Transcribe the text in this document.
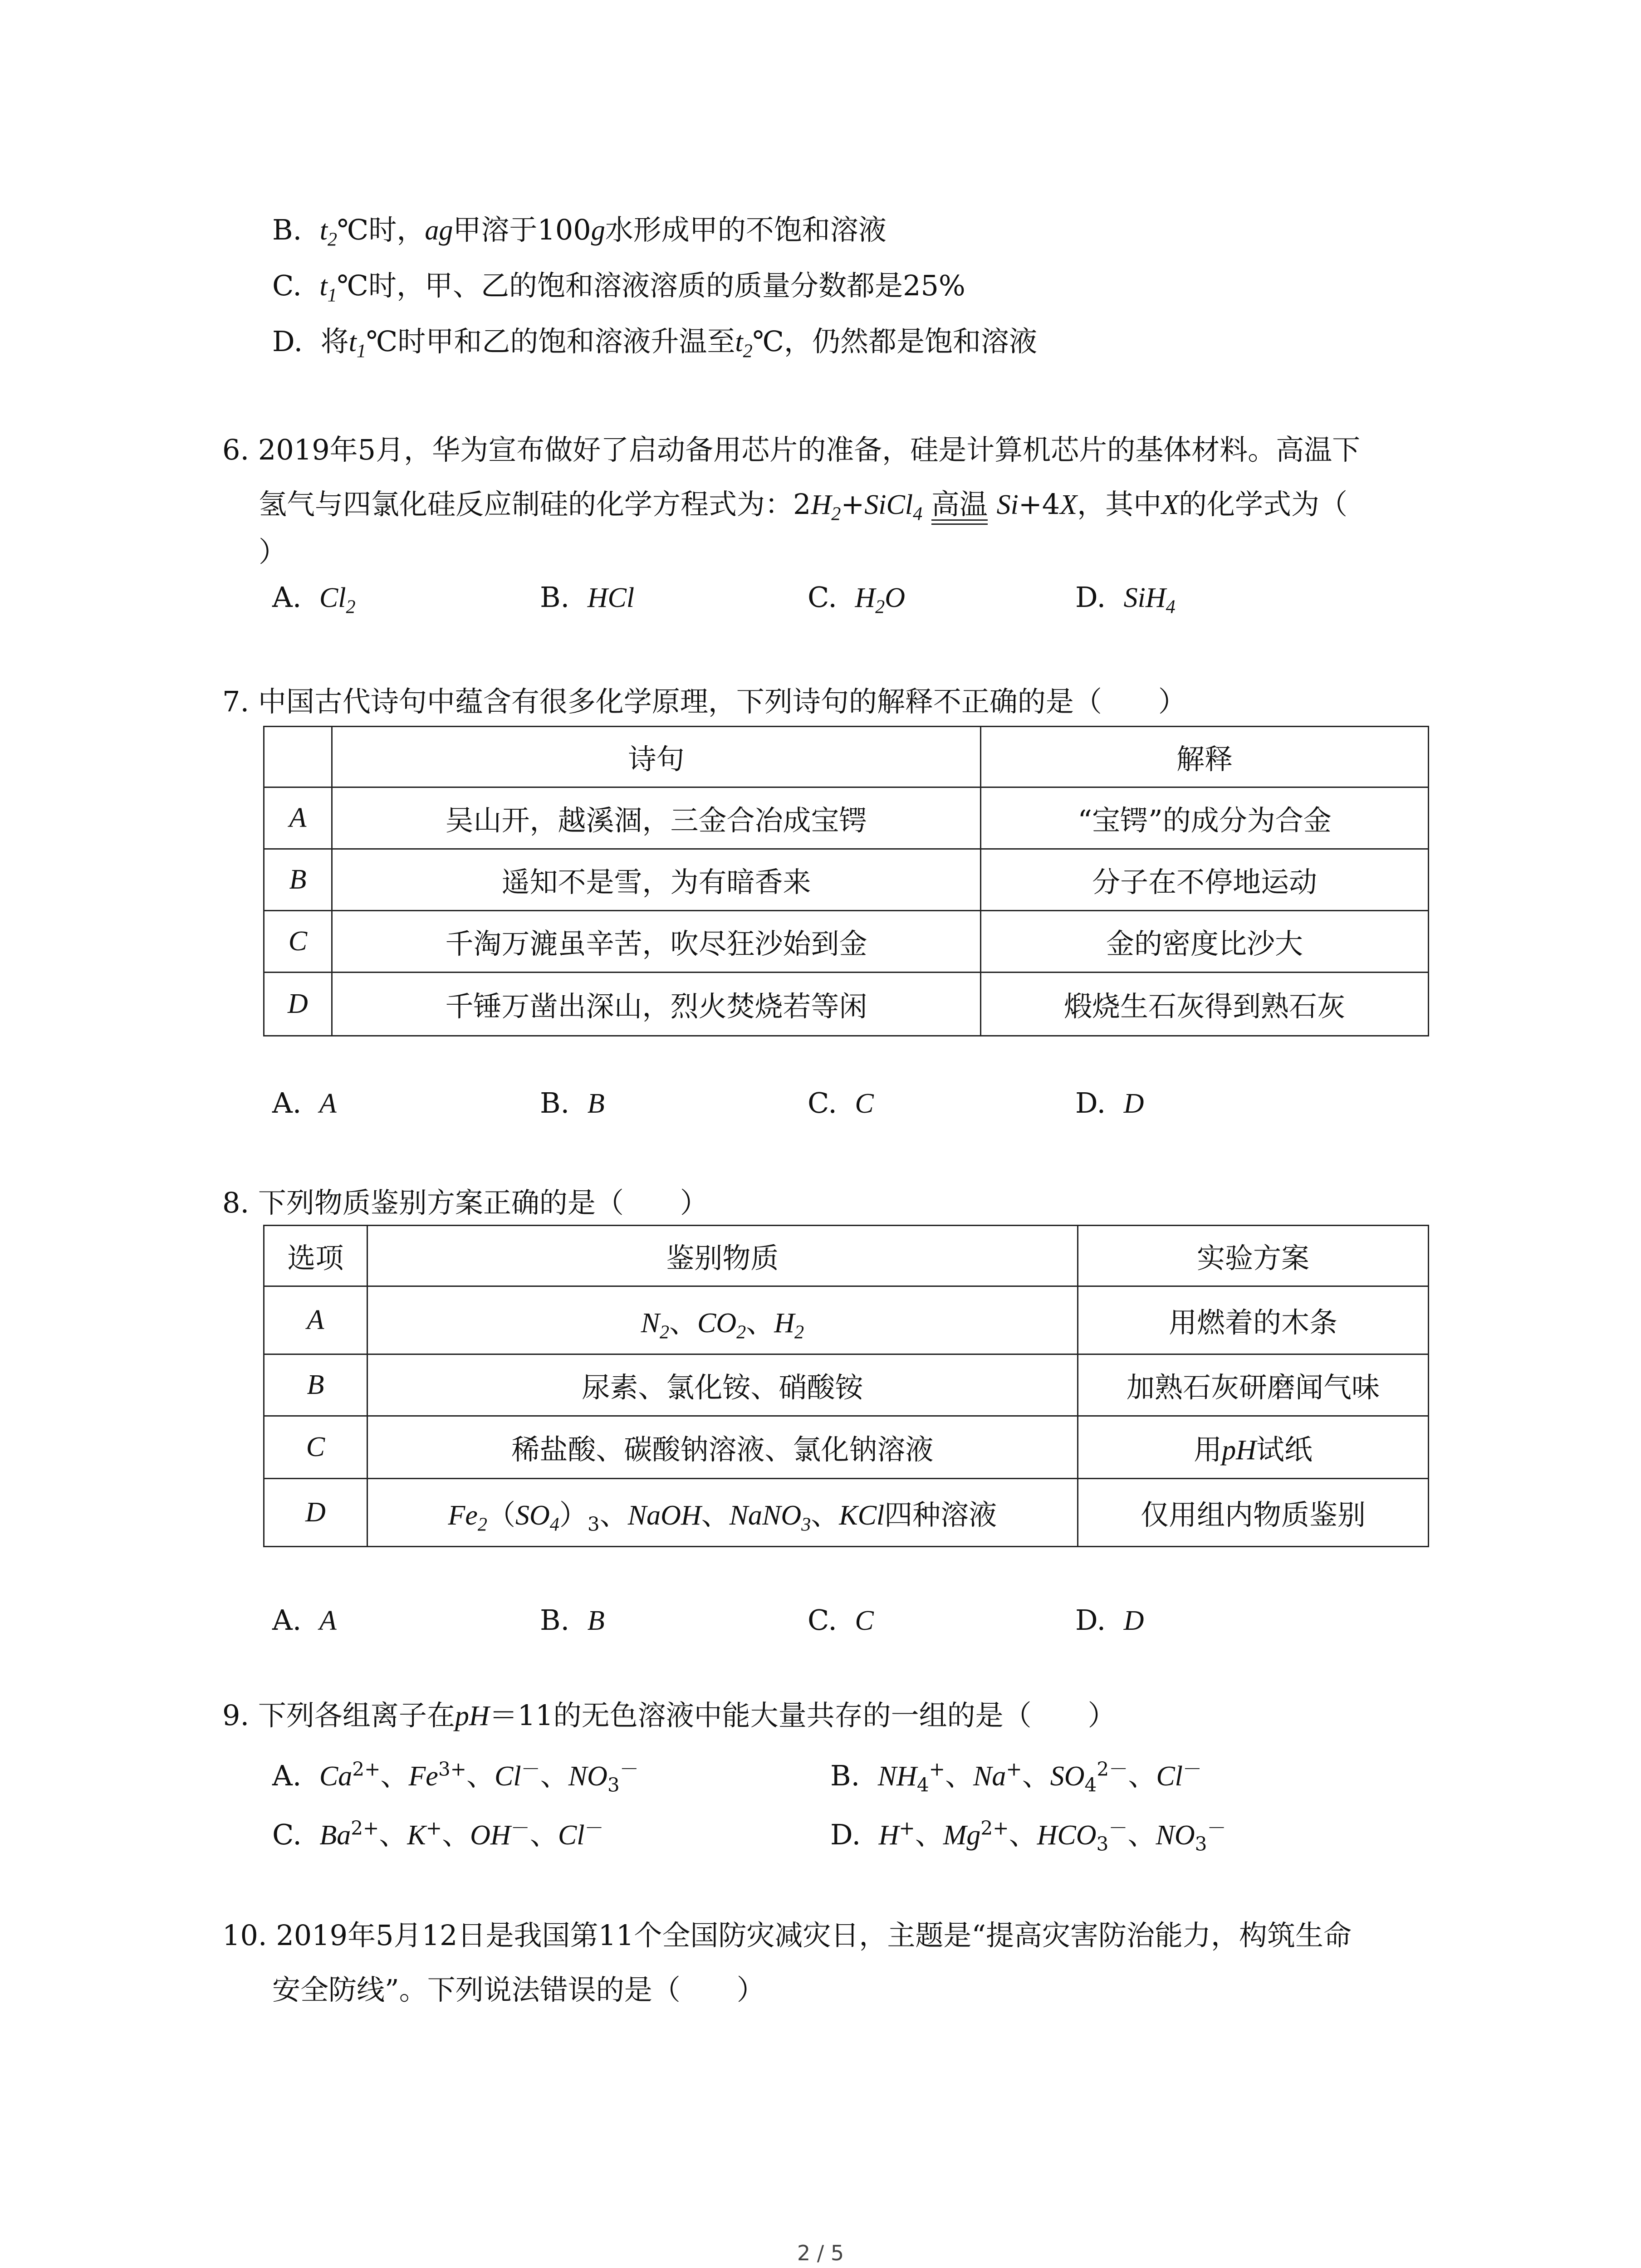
B. $t_2℃$时，ag甲溶于100g水形成甲的不饱和溶液
C. $t_1℃$时，甲、乙的饱和溶液溶质的质量分数都是25%
D. 将$t_1℃$时甲和乙的饱和溶液升温至$t_2℃$，仍然都是饱和溶液
6. 2019年5月，华为宣布做好了启动备用芯片的准备，硅是计算机芯片的基体材料。高温下
氢气与四氯化硅反应制硅的化学方程式为：$2H_2+SiCl_4$ 高温 Si+4X，其中X的化学式为（
）
A. $Cl_2$	B. HCl	C. $H_2O$	D. SiH$_4$
7. 中国古代诗句中蕴含有很多化学原理，下列诗句的解释不正确的是（　　）
	诗句	解释
A	吴山开，越溪涸，三金合冶成宝锷	“宝锷”的成分为合金
B	遥知不是雪，为有暗香来	分子在不停地运动
C	千淘万漉虽辛苦，吹尽狂沙始到金	金的密度比沙大
D	千锤万凿出深山，烈火焚烧若等闲	煅烧生石灰得到熟石灰
A. A	B. B	C. C	D. D
8. 下列物质鉴别方案正确的是（　　）
选项	鉴别物质	实验方案
A	$N_2$、$CO_2$、$H_2$	用燃着的木条
B	尿素、氯化铵、硝酸铵	加熟石灰研磨闻气味
C	稀盐酸、碳酸钠溶液、氯化钠溶液	用pH试纸
D	$Fe_2(SO_4)_3$、NaOH、NaNO$_3$、KCl四种溶液	仅用组内物质鉴别
A. A	B. B	C. C	D. D
9. 下列各组离子在pH＝11的无色溶液中能大量共存的一组的是（　　）
A. $Ca^{2+}$、$Fe^{3+}$、Cl－、$NO_3^-$	B. $NH_4^+$、Na+、$SO_4^{2-}$、Cl－
C. $Ba^{2+}$、K+、OH－、Cl－	D. H+、$Mg^{2+}$、$HCO_3^-$、$NO_3^-$
10. 2019年5月12日是我国第11个全国防灾减灾日，主题是“提高灾害防治能力，构筑生命
安全防线”。下列说法错误的是（　　）
2 / 5
